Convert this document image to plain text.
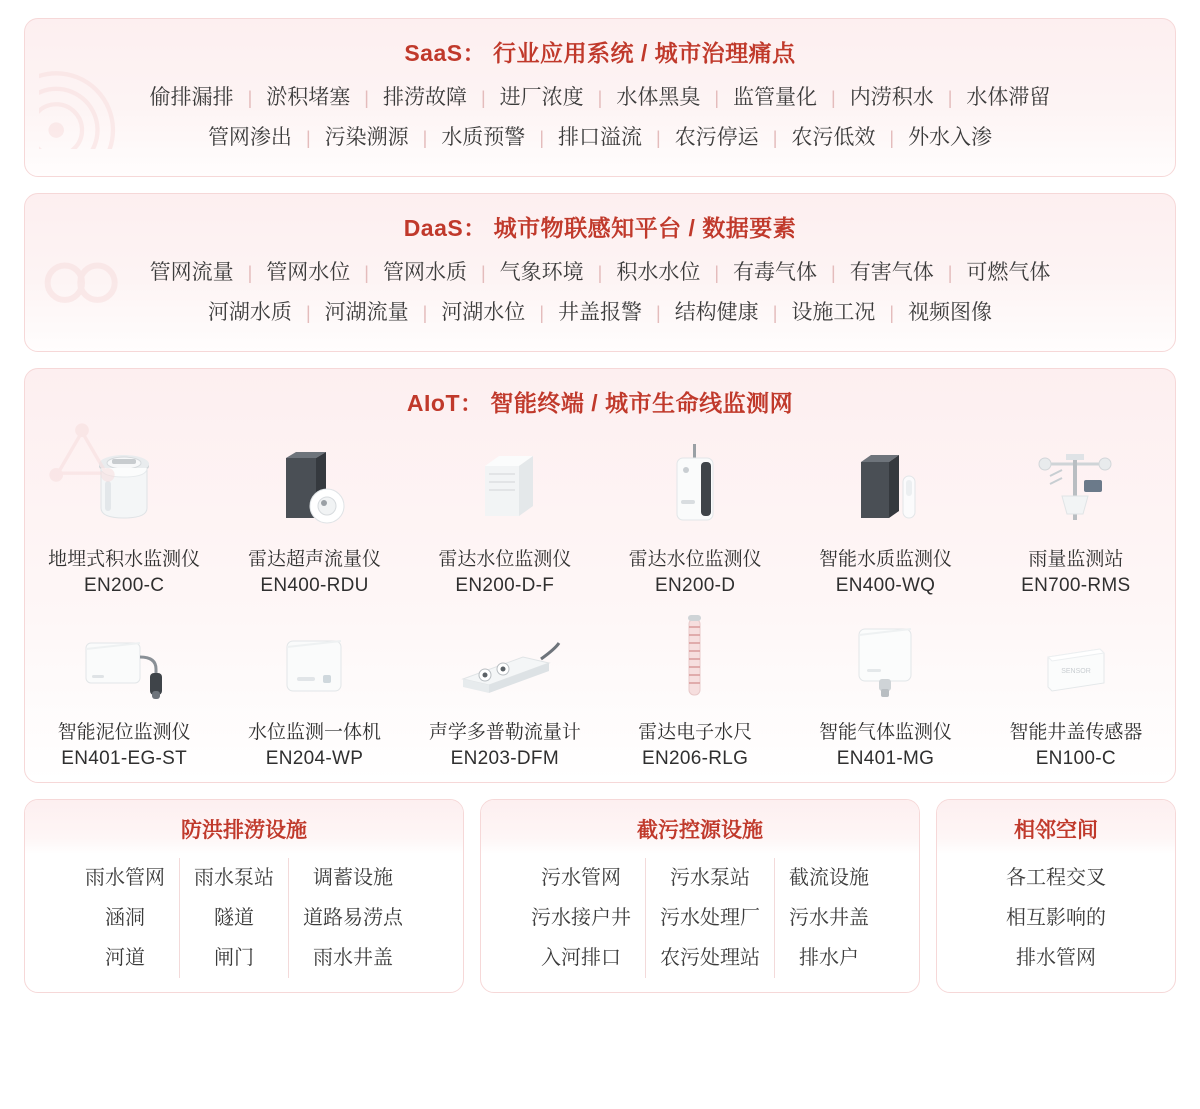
SaaS： 行业应用系统 / 城市治理痛点
偷排漏排 | 淤积堵塞 | 排涝故障 | 进厂浓度 | 水体黑臭 | 监管量化 | 内涝积水 | 水体滞留
管网渗出 | 污染溯源 | 水质预警 | 排口溢流 | 农污停运 | 农污低效 | 外水入渗
DaaS： 城市物联感知平台 / 数据要素
管网流量 | 管网水位 | 管网水质 | 气象环境 | 积水水位 | 有毒气体 | 有害气体 | 可燃气体
河湖水质 | 河湖流量 | 河湖水位 | 井盖报警 | 结构健康 | 设施工况 | 视频图像
AIoT： 智能终端 / 城市生命线监测网
地埋式积水监测仪
EN200-C
雷达超声流量仪
EN400-RDU
雷达水位监测仪
EN200-D-F
雷达水位监测仪
EN200-D
智能水质监测仪
EN400-WQ
雨量监测站
EN700-RMS
智能泥位监测仪
EN401-EG-ST
水位监测一体机
EN204-WP
声学多普勒流量计
EN203-DFM
雷达电子水尺
EN206-RLG
智能气体监测仪
EN401-MG
SENSOR
智能井盖传感器
EN100-C
防洪排涝设施
雨水管网
涵洞
河道
雨水泵站
隧道
闸门
调蓄设施
道路易涝点
雨水井盖
截污控源设施
污水管网
污水接户井
入河排口
污水泵站
污水处理厂
农污处理站
截流设施
污水井盖
排水户
相邻空间
各工程交叉
相互影响的
排水管网
